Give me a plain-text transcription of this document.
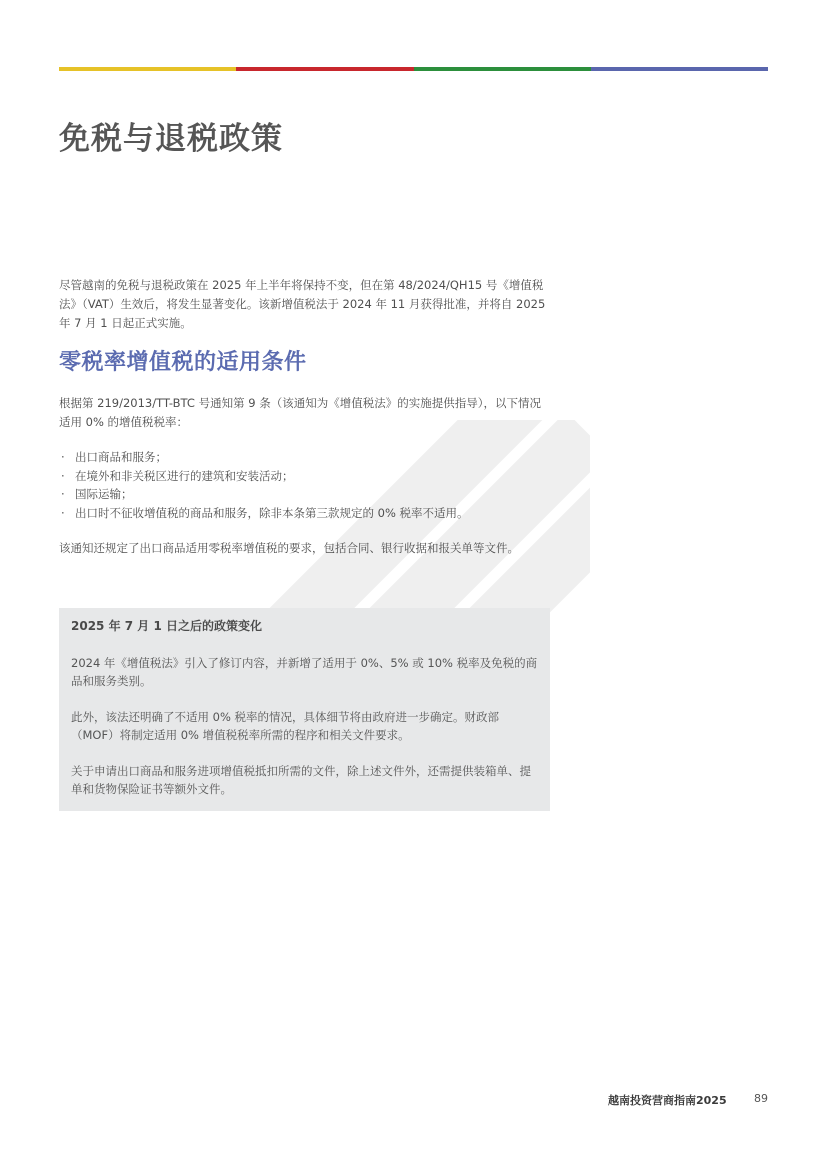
免税与退税政策

尽管越南的免税与退税政策在 2025 年上半年将保持不变，但在第 48/2024/QH15 号《增值税法》（VAT）生效后，将发生显著变化。该新增值税法于 2024 年 11 月获得批准，并将自 2025 年 7 月 1 日起正式实施。

零税率增值税的适用条件

根据第 219/2013/TT-BTC 号通知第 9 条（该通知为《增值税法》的实施提供指导），以下情况适用 0% 的增值税税率：

· 出口商品和服务；
· 在境外和非关税区进行的建筑和安装活动；
· 国际运输；
· 出口时不征收增值税的商品和服务，除非本条第三款规定的 0% 税率不适用。

该通知还规定了出口商品适用零税率增值税的要求，包括合同、银行收据和报关单等文件。

2025 年 7 月 1 日之后的政策变化

2024 年《增值税法》引入了修订内容，并新增了适用于 0%、5% 或 10% 税率及免税的商品和服务类别。

此外，该法还明确了不适用 0% 税率的情况，具体细节将由政府进一步确定。财政部（MOF）将制定适用 0% 增值税税率所需的程序和相关文件要求。

关于申请出口商品和服务进项增值税抵扣所需的文件，除上述文件外，还需提供装箱单、提单和货物保险证书等额外文件。

越南投资营商指南2025 89
